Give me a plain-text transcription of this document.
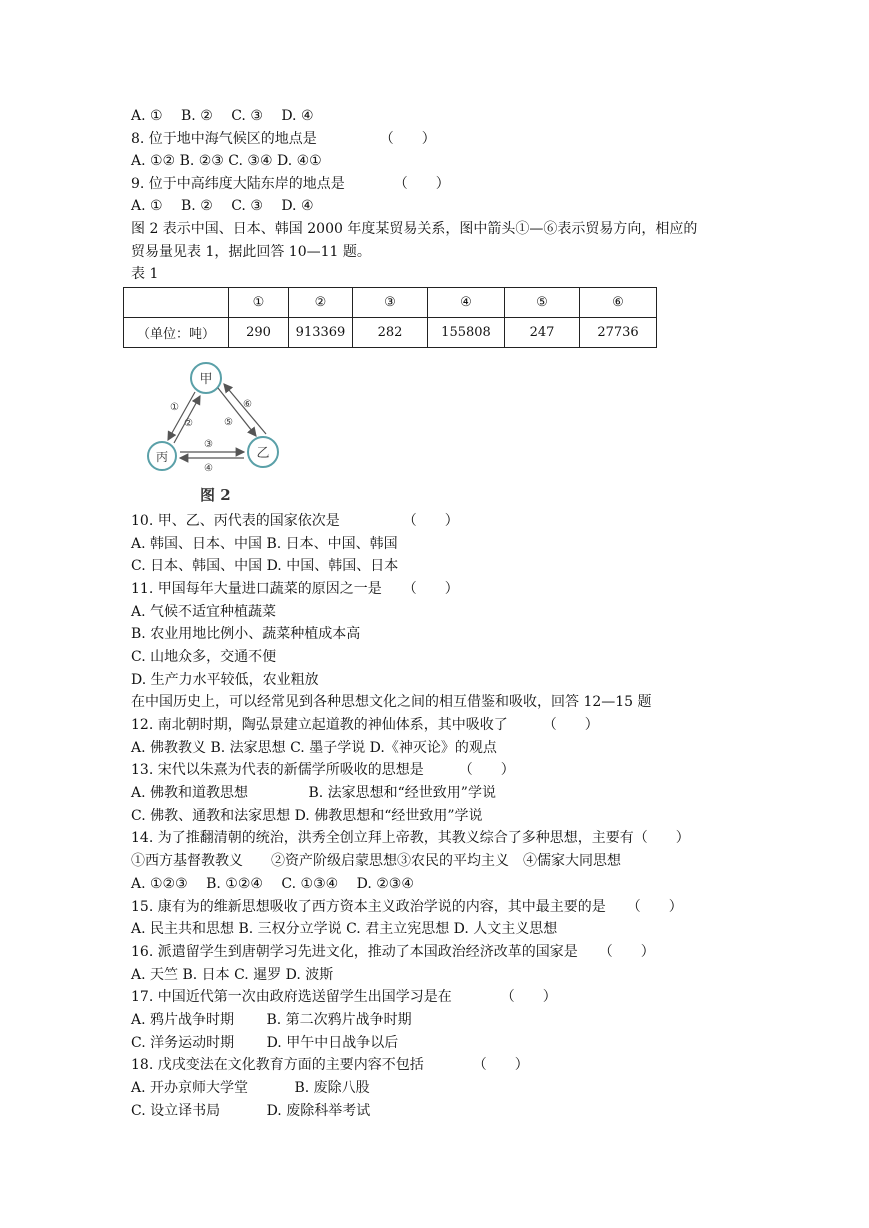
A. ①　 B. ②　 C. ③　 D. ④
8. 位于地中海气候区的地点是　　　　　（　　）
A. ①② B. ②③ C. ③④ D. ④①
9. 位于中高纬度大陆东岸的地点是　　　　（　　）
A. ①　 B. ②　 C. ③　 D. ④
图 2 表示中国、日本、韩国 2000 年度某贸易关系，图中箭头①—⑥表示贸易方向，相应的
贸易量见表 1，据此回答 10—11 题。
表 1
	①	②	③	④	⑤	⑥
（单位：吨）	290	913369	282	155808	247	27736
甲
乙
丙
①
②	⑤
⑥
③
④
图 2
10. 甲、乙、丙代表的国家依次是　　　　　（　　）
A. 韩国、日本、中国 B. 日本、中国、韩国
C. 日本、韩国、中国 D. 中国、韩国、日本
11. 甲国每年大量进口蔬菜的原因之一是　　（　　）
A. 气候不适宜种植蔬菜
B. 农业用地比例小、蔬菜种植成本高
C. 山地众多，交通不便
D. 生产力水平较低，农业粗放
在中国历史上，可以经常见到各种思想文化之间的相互借鉴和吸收，回答 12—15 题
12. 南北朝时期，陶弘景建立起道教的神仙体系，其中吸收了　　　（　　）
A. 佛教教义 B. 法家思想 C. 墨子学说 D.《神灭论》的观点
13. 宋代以朱熹为代表的新儒学所吸收的思想是　　　（　　）
A. 佛教和道教思想　　　　 B. 法家思想和“经世致用”学说
C. 佛教、通教和法家思想 D. 佛教思想和“经世致用”学说
14. 为了推翻清朝的统治，洪秀全创立拜上帝教，其教义综合了多种思想，主要有（　　）
①西方基督教教义　　②资产阶级启蒙思想③农民的平均主义　④儒家大同思想
A. ①②③　 B. ①②④　 C. ①③④　 D. ②③④
15. 康有为的维新思想吸收了西方资本主义政治学说的内容，其中最主要的是　　（　　）
A. 民主共和思想 B. 三权分立学说 C. 君主立宪思想 D. 人文主义思想
16. 派遣留学生到唐朝学习先进文化，推动了本国政治经济改革的国家是　　（　　）
A. 天竺 B. 日本 C. 暹罗 D. 波斯
17. 中国近代第一次由政府选送留学生出国学习是在　　　　（　　）
A. 鸦片战争时期　　 B. 第二次鸦片战争时期
C. 洋务运动时期　　 D. 甲午中日战争以后
18. 戊戌变法在文化教育方面的主要内容不包括　　　　（　　）
A. 开办京师大学堂　　　 B. 废除八股
C. 设立译书局　　　 D. 废除科举考试
